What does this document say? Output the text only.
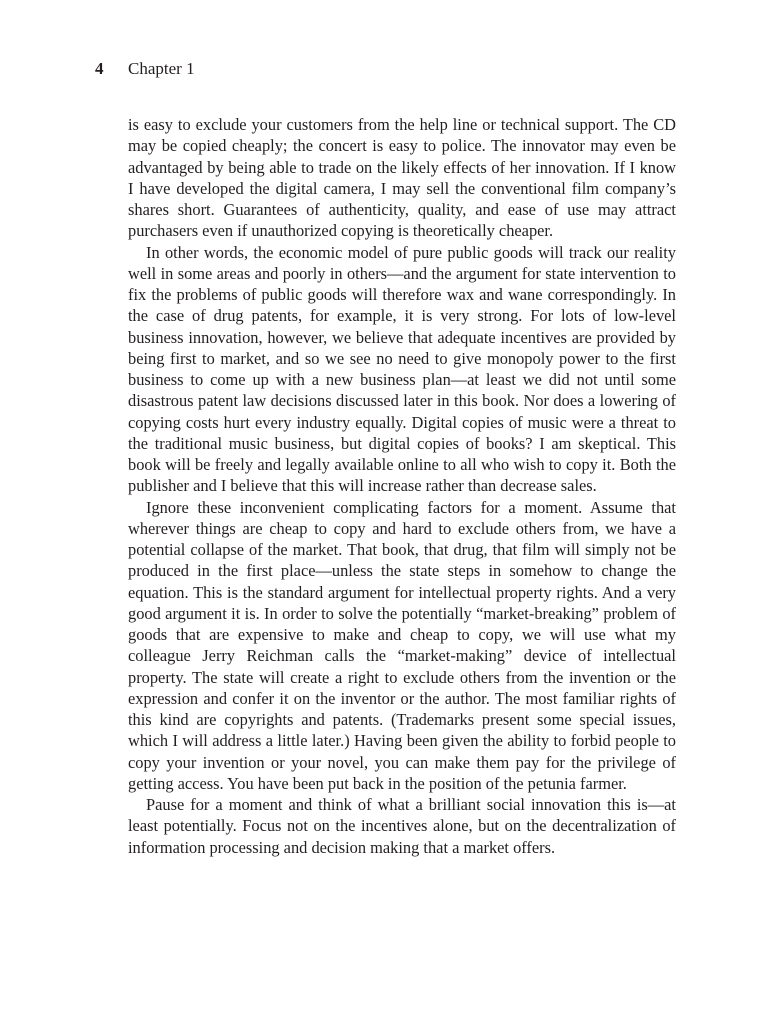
4 Chapter 1

is easy to exclude your customers from the help line or technical support. The CD may be copied cheaply; the concert is easy to police. The innovator may even be advantaged by being able to trade on the likely effects of her innovation. If I know I have developed the digital camera, I may sell the conventional film company’s shares short. Guarantees of authenticity, quality, and ease of use may attract purchasers even if unauthorized copying is theoretically cheaper.

In other words, the economic model of pure public goods will track our reality well in some areas and poorly in others—and the argument for state intervention to fix the problems of public goods will therefore wax and wane correspondingly. In the case of drug patents, for example, it is very strong. For lots of low-level business innovation, however, we believe that adequate incentives are provided by being first to market, and so we see no need to give monopoly power to the first business to come up with a new business plan—at least we did not until some disastrous patent law decisions discussed later in this book. Nor does a lowering of copying costs hurt every industry equally. Digital copies of music were a threat to the traditional music business, but digital copies of books? I am skeptical. This book will be freely and legally available online to all who wish to copy it. Both the publisher and I believe that this will increase rather than decrease sales.

Ignore these inconvenient complicating factors for a moment. Assume that wherever things are cheap to copy and hard to exclude others from, we have a potential collapse of the market. That book, that drug, that film will simply not be produced in the first place—unless the state steps in somehow to change the equation. This is the standard argument for intellectual property rights. And a very good argument it is. In order to solve the potentially “market-breaking” problem of goods that are expensive to make and cheap to copy, we will use what my colleague Jerry Reichman calls the “market-making” device of intellectual property. The state will create a right to exclude others from the invention or the expression and confer it on the inventor or the author. The most familiar rights of this kind are copyrights and patents. (Trademarks present some special issues, which I will address a little later.) Having been given the ability to forbid people to copy your invention or your novel, you can make them pay for the privilege of getting access. You have been put back in the position of the petunia farmer.

Pause for a moment and think of what a brilliant social innovation this is—at least potentially. Focus not on the incentives alone, but on the decentralization of information processing and decision making that a market offers.
